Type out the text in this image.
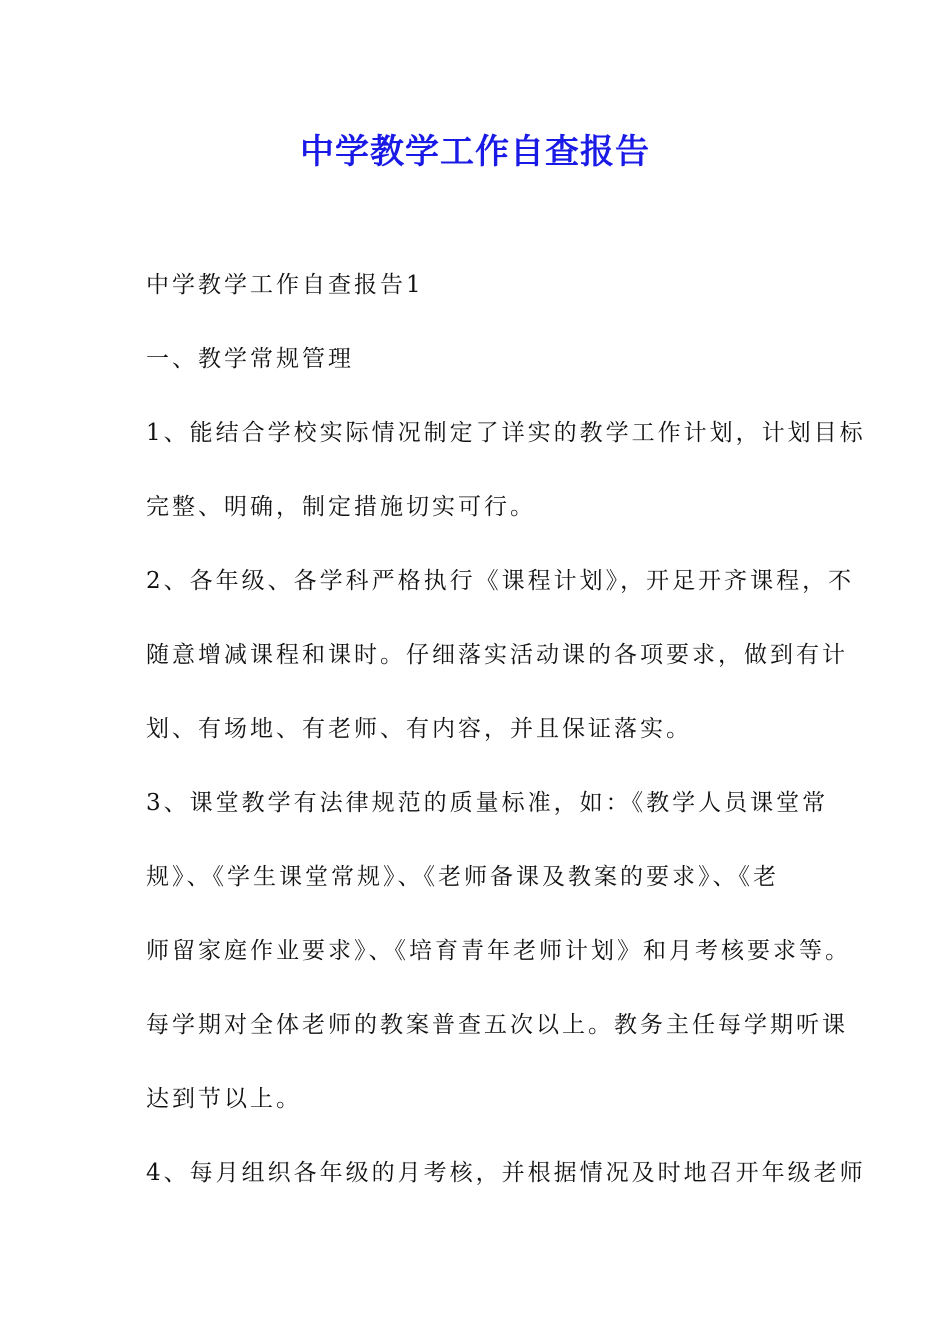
中学教学工作自查报告
中学教学工作自查报告1
一、教学常规管理
1、能结合学校实际情况制定了详实的教学工作计划，计划目标
完整、明确，制定措施切实可行。
2、各年级、各学科严格执行《课程计划》，开足开齐课程，不
随意增减课程和课时。仔细落实活动课的各项要求，做到有计
划、有场地、有老师、有内容，并且保证落实。
3、课堂教学有法律规范的质量标准，如：《教学人员课堂常
规》、《学生课堂常规》、《老师备课及教案的要求》、《老
师留家庭作业要求》、《培育青年老师计划》和月考核要求等。
每学期对全体老师的教案普查五次以上。教务主任每学期听课
达到节以上。
4、每月组织各年级的月考核，并根据情况及时地召开年级老师
